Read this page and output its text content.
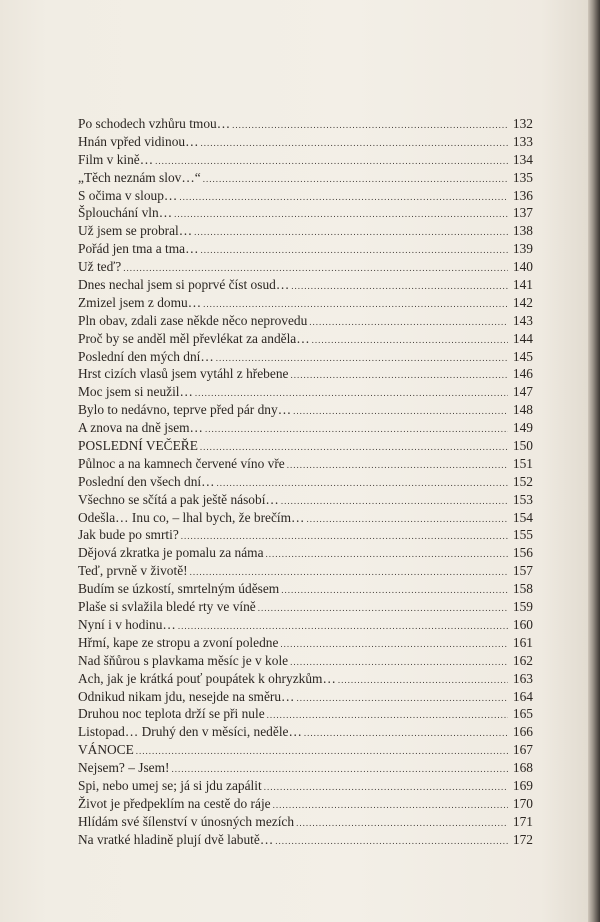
Po schodech vzhůru tmou… .....	132
Hnán vpřed vidinou… .....	133
Film v kině… .....	134
„Těch neznám slov…“ .....	135
S očima v sloup… .....	136
Šplouchání vln… .....	137
Už jsem se probral… .....	138
Pořád jen tma a tma… .....	139
Už teď? .....	140
Dnes nechal jsem si poprvé číst osud… .....	141
Zmizel jsem z domu… .....	142
Pln obav, zdali zase někde něco neprovedu .....	143
Proč by se anděl měl převlékat za anděla… .....	144
Poslední den mých dní… .....	145
Hrst cizích vlasů jsem vytáhl z hřebene .....	146
Moc jsem si neužil… .....	147
Bylo to nedávno, teprve před pár dny… .....	148
A znova na dně jsem… .....	149
POSLEDNÍ VEČEŘE .....	150
Půlnoc a na kamnech červené víno vře .....	151
Poslední den všech dní… .....	152
Všechno se sčítá a pak ještě násobí… .....	153
Odešla… Inu co, – lhal bych, že brečím… .....	154
Jak bude po smrti? .....	155
Dějová zkratka je pomalu za náma .....	156
Teď, prvně v životě! .....	157
Budím se úzkostí, smrtelným úděsem .....	158
Plaše si svlažila bledé rty ve víně .....	159
Nyní i v hodinu… .....	160
Hřmí, kape ze stropu a zvoní poledne .....	161
Nad šňůrou s plavkama měsíc je v kole .....	162
Ach, jak je krátká pouť poupátek k ohryzkům… .....	163
Odnikud nikam jdu, nesejde na směru… .....	164
Druhou noc teplota drží se při nule .....	165
Listopad… Druhý den v měsíci, neděle… .....	166
VÁNOCE .....	167
Nejsem? – Jsem! .....	168
Spi, nebo umej se; já si jdu zapálit .....	169
Život je předpeklím na cestě do ráje .....	170
Hlídám své šílenství v únosných mezích .....	171
Na vratké hladině plují dvě labutě… .....	172
